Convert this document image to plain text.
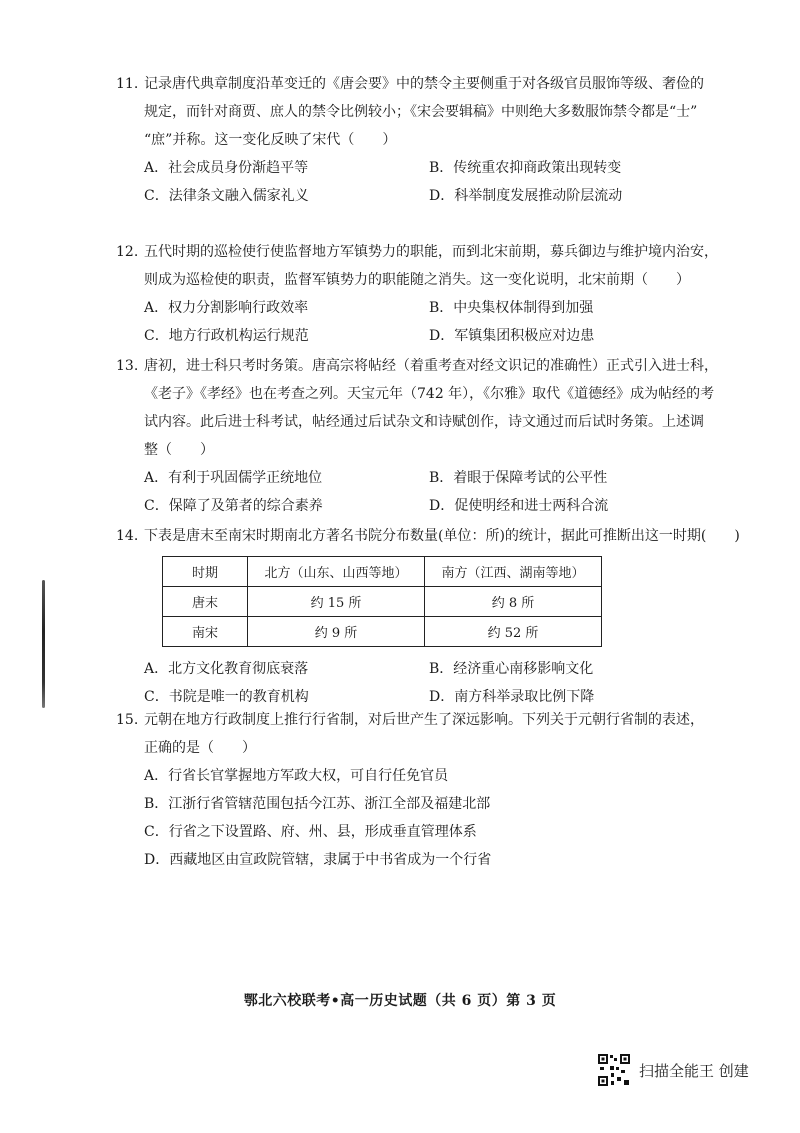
11. 记录唐代典章制度沿革变迁的《唐会要》中的禁令主要侧重于对各级官员服饰等级、奢俭的
规定，而针对商贾、庶人的禁令比例较小；《宋会要辑稿》中则绝大多数服饰禁令都是“士”
“庶”并称。这一变化反映了宋代（　　）
A．社会成员身份渐趋平等	B．传统重农抑商政策出现转变
C．法律条文融入儒家礼义	D．科举制度发展推动阶层流动
12. 五代时期的巡检使行使监督地方军镇势力的职能，而到北宋前期，募兵御边与维护境内治安，
则成为巡检使的职责，监督军镇势力的职能随之消失。这一变化说明，北宋前期（　　）
A．权力分割影响行政效率	B．中央集权体制得到加强
C．地方行政机构运行规范	D．军镇集团积极应对边患
13. 唐初，进士科只考时务策。唐高宗将帖经（着重考查对经文识记的准确性）正式引入进士科，
《老子》《孝经》也在考查之列。天宝元年（742 年），《尔雅》取代《道德经》成为帖经的考
试内容。此后进士科考试，帖经通过后试杂文和诗赋创作，诗文通过而后试时务策。上述调
整（　　）
A．有利于巩固儒学正统地位	B．着眼于保障考试的公平性
C．保障了及第者的综合素养	D．促使明经和进士两科合流
14. 下表是唐末至南宋时期南北方著名书院分布数量(单位：所)的统计，据此可推断出这一时期(　　)
时期	北方（山东、山西等地）	南方（江西、湖南等地）
唐末	约 15 所	约 8 所
南宋	约 9 所	约 52 所
A．北方文化教育彻底衰落	B．经济重心南移影响文化
C．书院是唯一的教育机构	D．南方科举录取比例下降
15. 元朝在地方行政制度上推行行省制，对后世产生了深远影响。下列关于元朝行省制的表述，
正确的是（　　）
A．行省长官掌握地方军政大权，可自行任免官员
B．江浙行省管辖范围包括今江苏、浙江全部及福建北部
C．行省之下设置路、府、州、县，形成垂直管理体系
D．西藏地区由宣政院管辖，隶属于中书省成为一个行省
鄂北六校联考•高一历史试题（共 6 页）第 3 页
扫描全能王 创建
